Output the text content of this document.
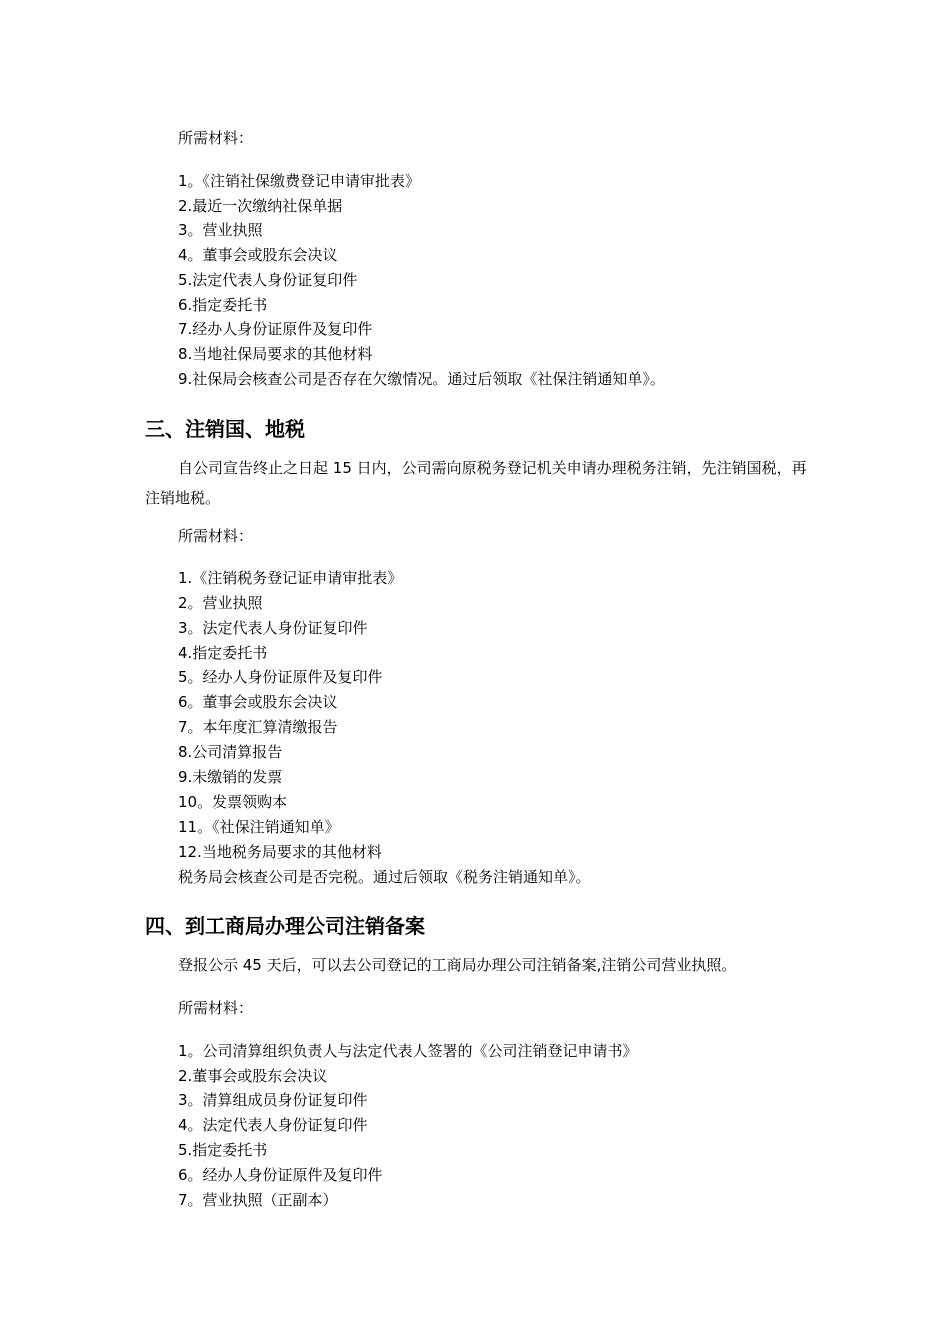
所需材料：
1。《注销社保缴费登记申请审批表》
2.最近一次缴纳社保单据
3。营业执照
4。董事会或股东会决议
5.法定代表人身份证复印件
6.指定委托书
7.经办人身份证原件及复印件
8.当地社保局要求的其他材料
9.社保局会核查公司是否存在欠缴情况。通过后领取《社保注销通知单》。
三、注销国、地税
自公司宣告终止之日起 15 日内，公司需向原税务登记机关申请办理税务注销，先注销国税，再注销地税。
所需材料：
1.《注销税务登记证申请审批表》
2。营业执照
3。法定代表人身份证复印件
4.指定委托书
5。经办人身份证原件及复印件
6。董事会或股东会决议
7。本年度汇算清缴报告
8.公司清算报告
9.未缴销的发票
10。发票领购本
11。《社保注销通知单》
12.当地税务局要求的其他材料
税务局会核查公司是否完税。通过后领取《税务注销通知单》。
四、到工商局办理公司注销备案
登报公示 45 天后，可以去公司登记的工商局办理公司注销备案,注销公司营业执照。
所需材料：
1。公司清算组织负责人与法定代表人签署的《公司注销登记申请书》
2.董事会或股东会决议
3。清算组成员身份证复印件
4。法定代表人身份证复印件
5.指定委托书
6。经办人身份证原件及复印件
7。营业执照（正副本）
